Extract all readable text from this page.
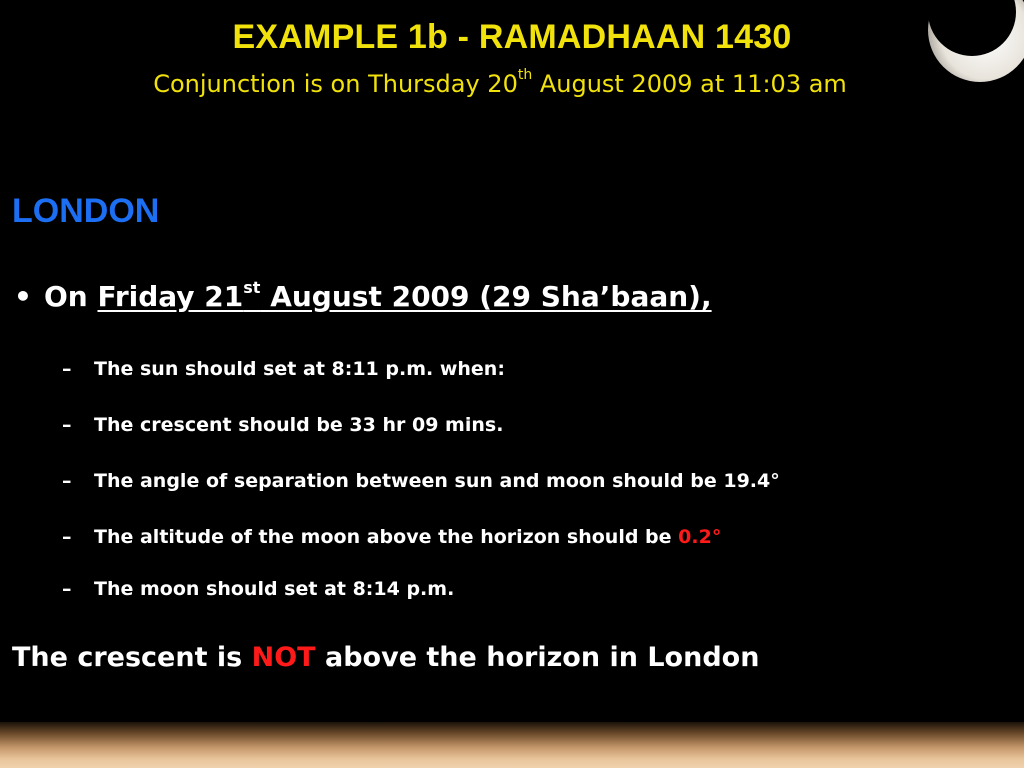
EXAMPLE 1b - RAMADHAAN 1430
Conjunction is on Thursday 20th August 2009 at 11:03 am
LONDON
• On Friday 21st August 2009 (29 Sha’baan),
– The sun should set at 8:11 p.m. when:
– The crescent should be 33 hr 09 mins.
– The angle of separation between sun and moon should be 19.4°
– The altitude of the moon above the horizon should be 0.2°
– The moon should set at 8:14 p.m.
The crescent is NOT above the horizon in London
